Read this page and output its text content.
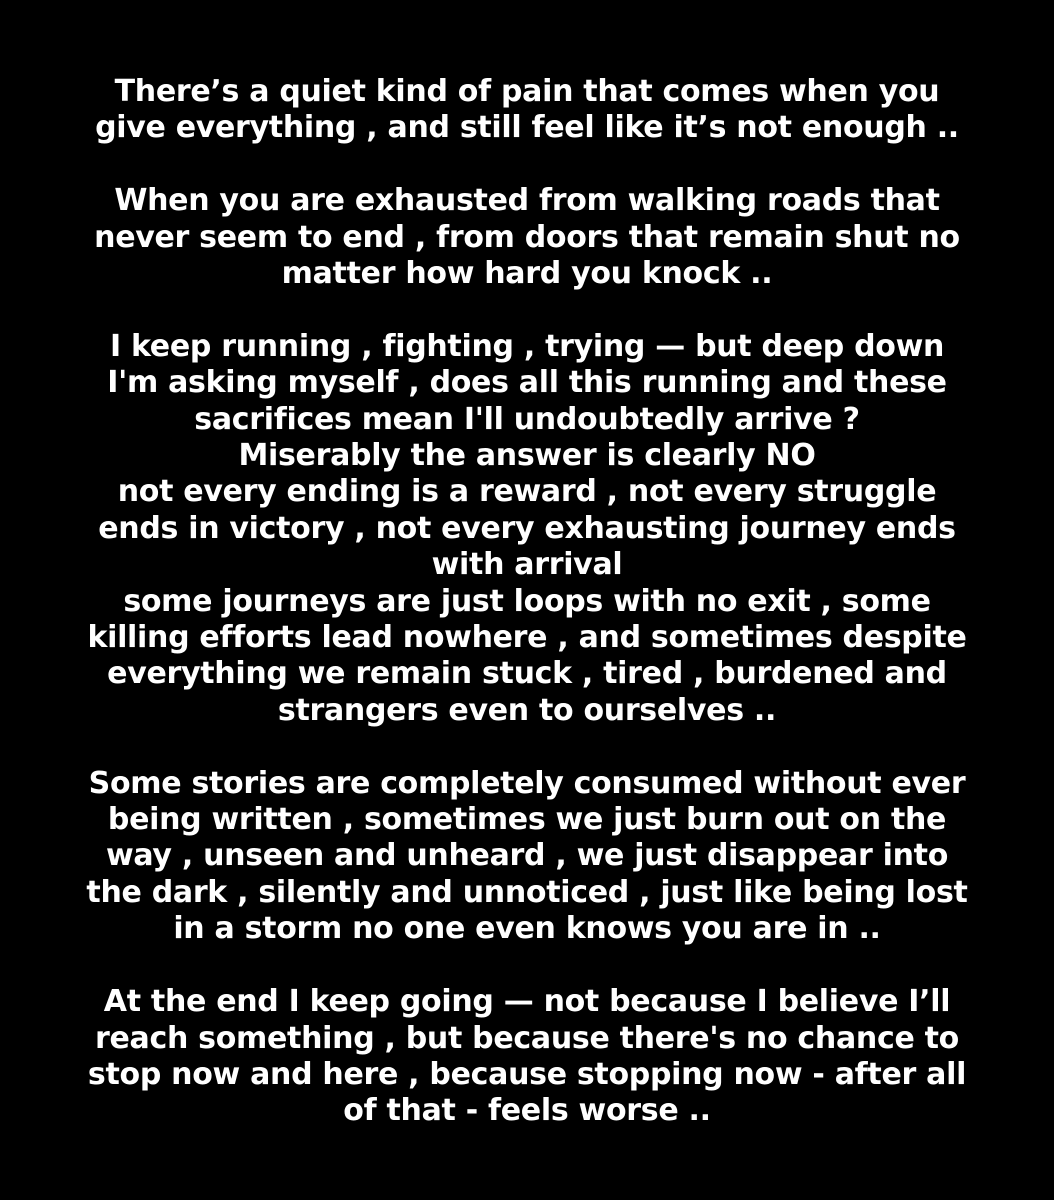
There’s a quiet kind of pain that comes when you
give everything , and still feel like it’s not enough ..

When you are exhausted from walking roads that
never seem to end , from doors that remain shut no
matter how hard you knock ..

I keep running , fighting , trying — but deep down
I'm asking myself , does all this running and these
sacrifices mean I'll undoubtedly arrive ?
Miserably the answer is clearly NO
not every ending is a reward , not every struggle
ends in victory , not every exhausting journey ends
with arrival
some journeys are just loops with no exit , some
killing efforts lead nowhere , and sometimes despite
everything we remain stuck , tired , burdened and
strangers even to ourselves ..

Some stories are completely consumed without ever
being written , sometimes we just burn out on the
way , unseen and unheard , we just disappear into
the dark , silently and unnoticed , just like being lost
in a storm no one even knows you are in ..

At the end I keep going — not because I believe I’ll
reach something , but because there's no chance to
stop now and here , because stopping now - after all
of that - feels worse ..
